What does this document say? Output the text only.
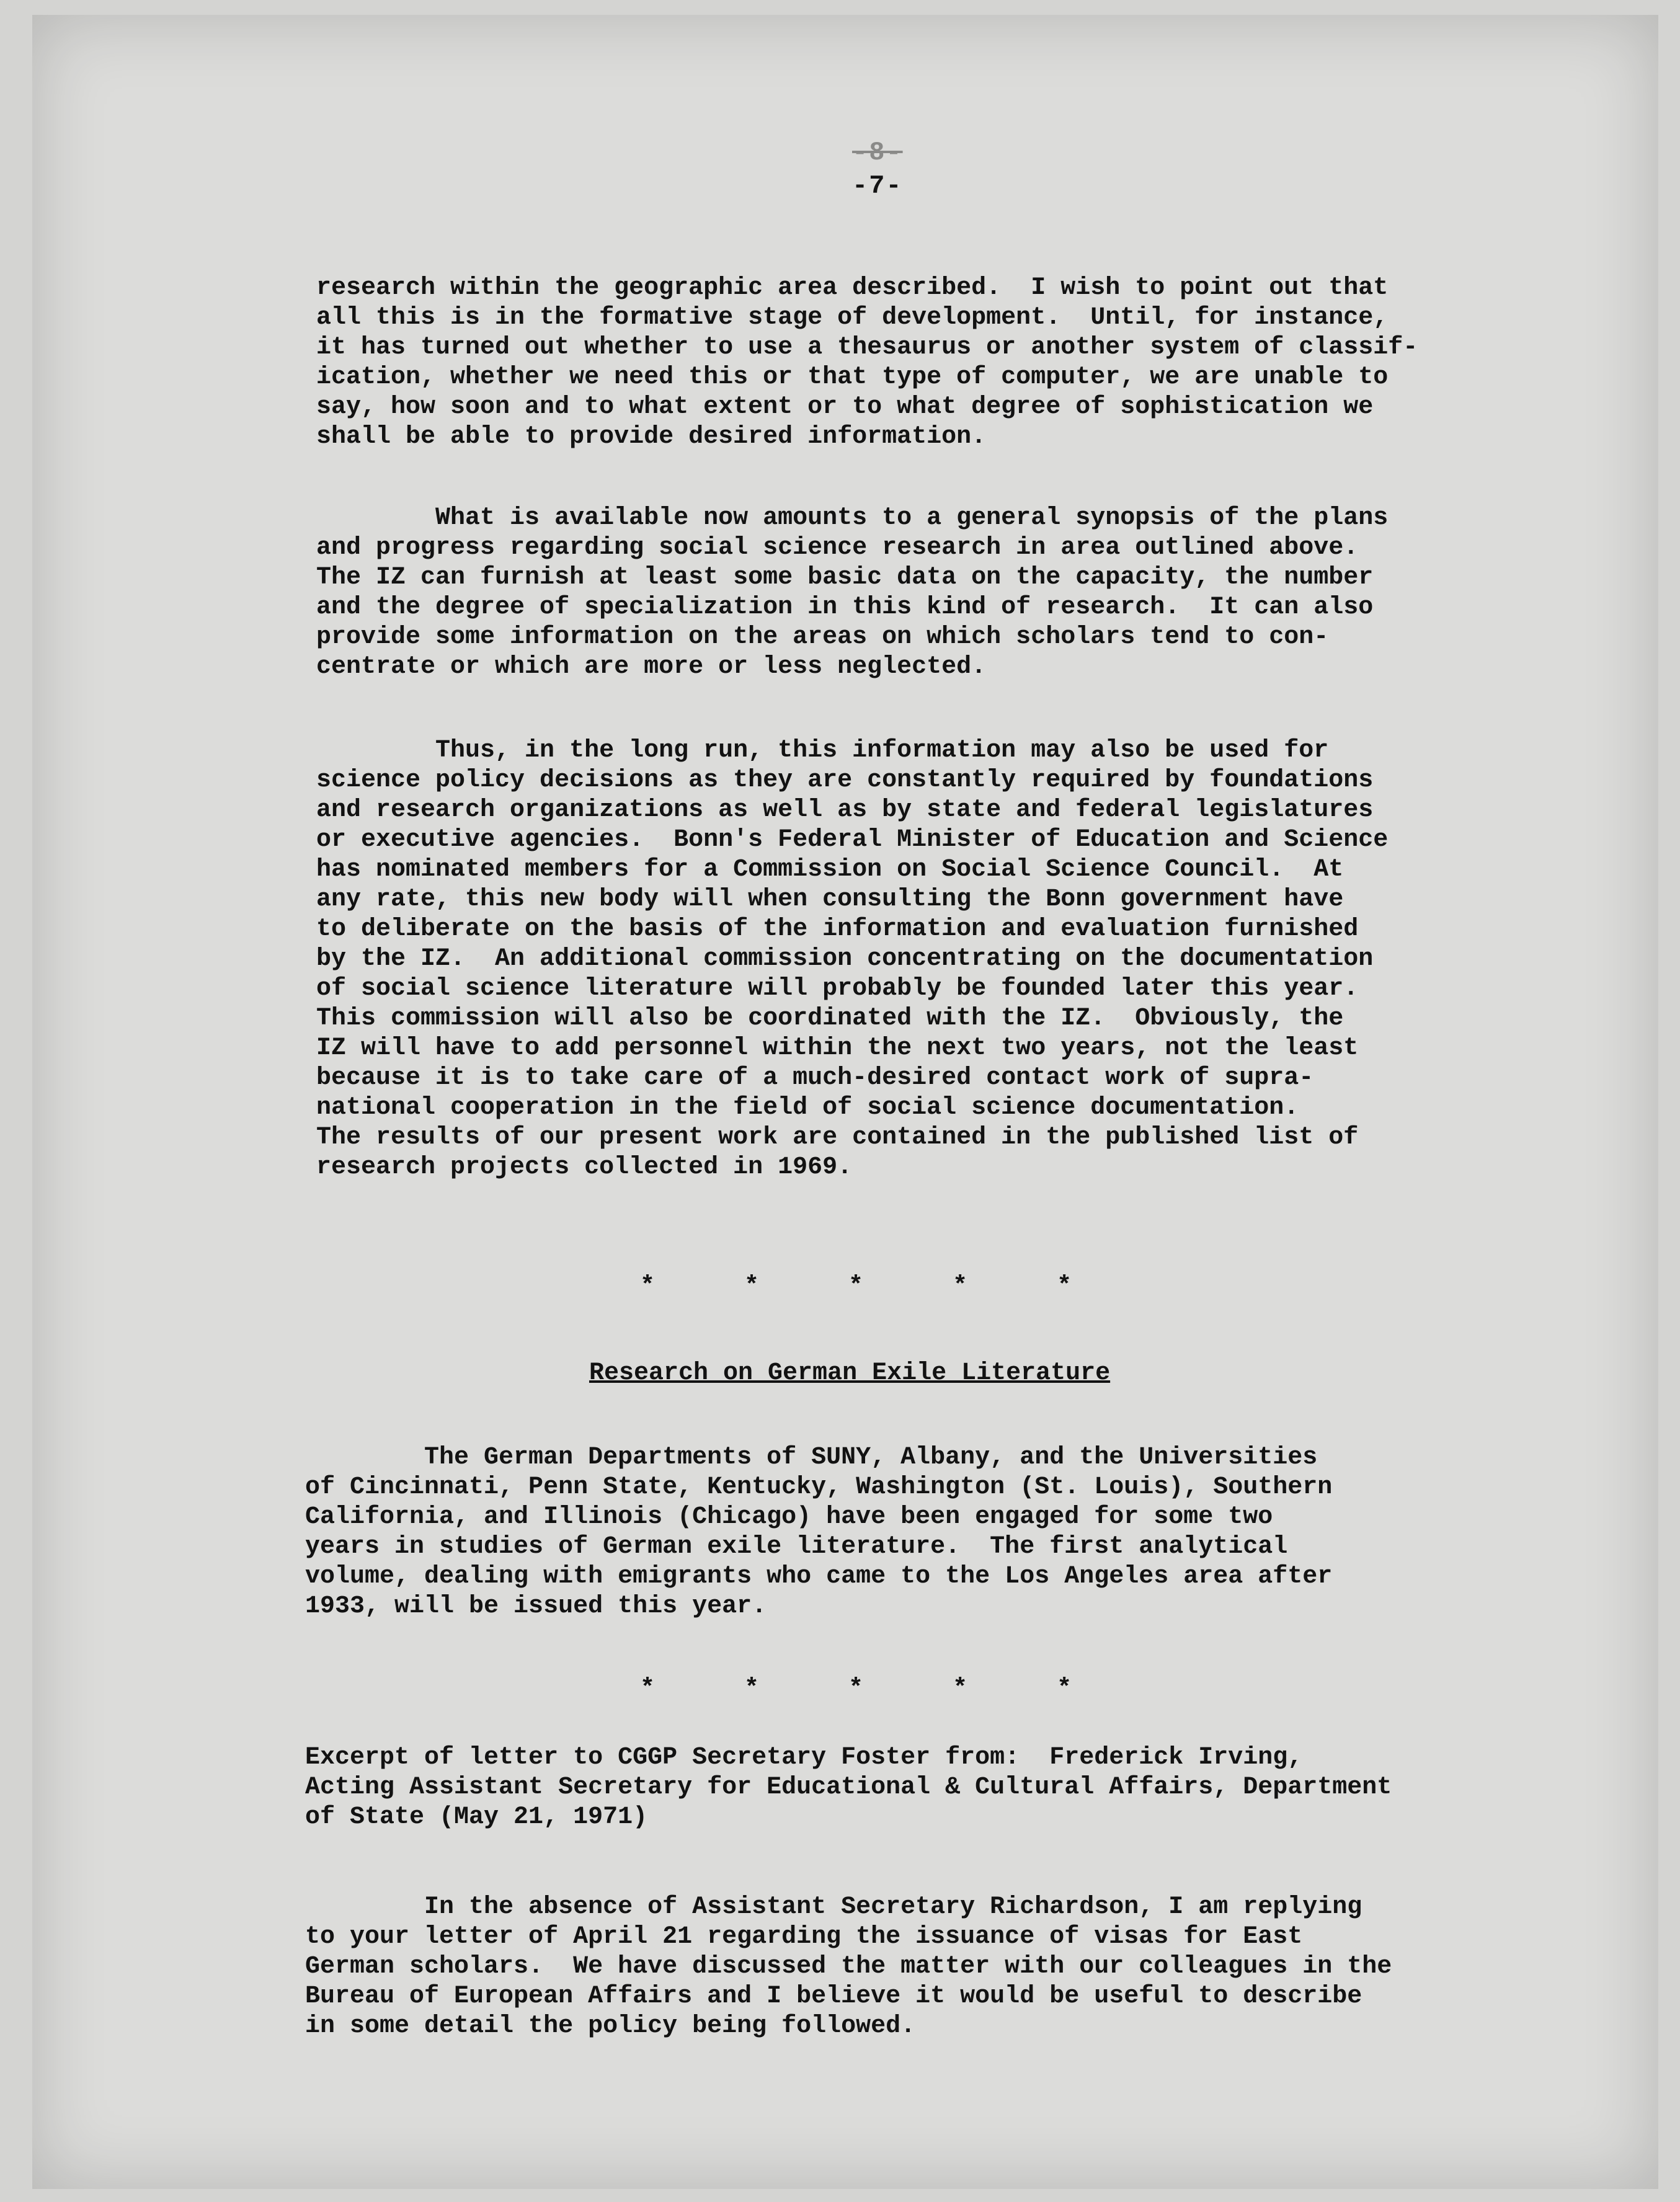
-8-
-7-
research within the geographic area described.  I wish to point out that
all this is in the formative stage of development.  Until, for instance,
it has turned out whether to use a thesaurus or another system of classif-
ication, whether we need this or that type of computer, we are unable to
say, how soon and to what extent or to what degree of sophistication we
shall be able to provide desired information.
What is available now amounts to a general synopsis of the plans
and progress regarding social science research in area outlined above.
The IZ can furnish at least some basic data on the capacity, the number
and the degree of specialization in this kind of research.  It can also
provide some information on the areas on which scholars tend to con-
centrate or which are more or less neglected.
Thus, in the long run, this information may also be used for
science policy decisions as they are constantly required by foundations
and research organizations as well as by state and federal legislatures
or executive agencies.  Bonn's Federal Minister of Education and Science
has nominated members for a Commission on Social Science Council.  At
any rate, this new body will when consulting the Bonn government have
to deliberate on the basis of the information and evaluation furnished
by the IZ.  An additional commission concentrating on the documentation
of social science literature will probably be founded later this year.
This commission will also be coordinated with the IZ.  Obviously, the
IZ will have to add personnel within the next two years, not the least
because it is to take care of a much-desired contact work of supra-
national cooperation in the field of social science documentation.
The results of our present work are contained in the published list of
research projects collected in 1969.
*      *      *      *      *
Research on German Exile Literature
The German Departments of SUNY, Albany, and the Universities
of Cincinnati, Penn State, Kentucky, Washington (St. Louis), Southern
California, and Illinois (Chicago) have been engaged for some two
years in studies of German exile literature.  The first analytical
volume, dealing with emigrants who came to the Los Angeles area after
1933, will be issued this year.
*      *      *      *      *
Excerpt of letter to CGGP Secretary Foster from:  Frederick Irving,
Acting Assistant Secretary for Educational & Cultural Affairs, Department
of State (May 21, 1971)
In the absence of Assistant Secretary Richardson, I am replying
to your letter of April 21 regarding the issuance of visas for East
German scholars.  We have discussed the matter with our colleagues in the
Bureau of European Affairs and I believe it would be useful to describe
in some detail the policy being followed.
